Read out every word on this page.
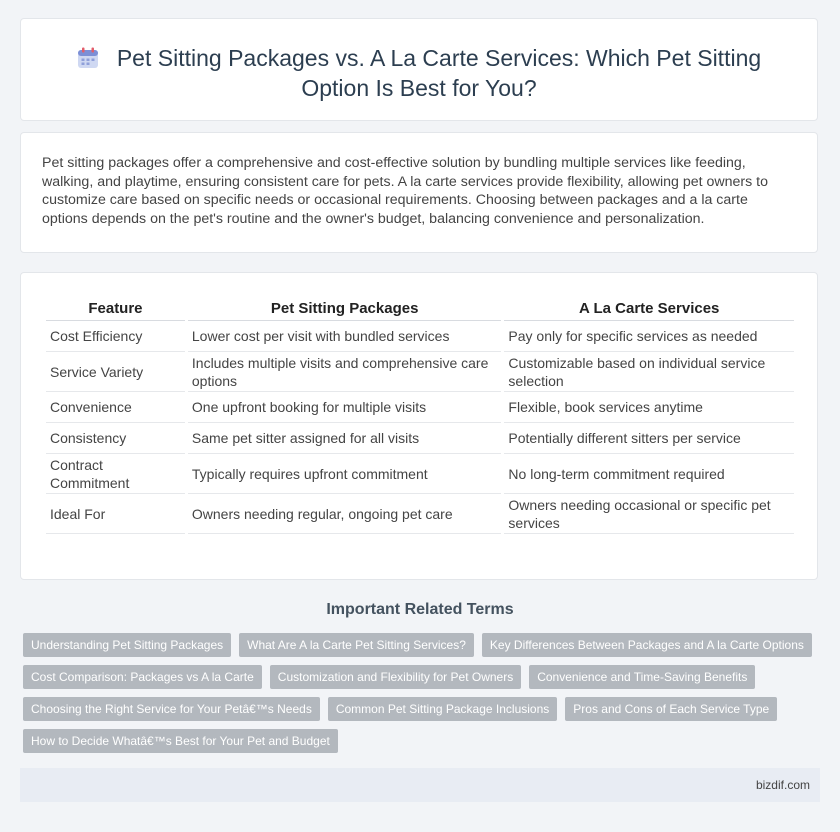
Pet Sitting Packages vs. A La Carte Services: Which Pet Sitting Option Is Best for You?

Pet sitting packages offer a comprehensive and cost-effective solution by bundling multiple services like feeding, walking, and playtime, ensuring consistent care for pets. A la carte services provide flexibility, allowing pet owners to customize care based on specific needs or occasional requirements. Choosing between packages and a la carte options depends on the pet's routine and the owner's budget, balancing convenience and personalization.

Feature	Pet Sitting Packages	A La Carte Services
Cost Efficiency	Lower cost per visit with bundled services	Pay only for specific services as needed
Service Variety	Includes multiple visits and comprehensive care options	Customizable based on individual service selection
Convenience	One upfront booking for multiple visits	Flexible, book services anytime
Consistency	Same pet sitter assigned for all visits	Potentially different sitters per service
Contract Commitment	Typically requires upfront commitment	No long-term commitment required
Ideal For	Owners needing regular, ongoing pet care	Owners needing occasional or specific pet services
Important Related Terms
Understanding Pet Sitting Packages	What Are A la Carte Pet Sitting Services?	Key Differences Between Packages and A la Carte Options
Cost Comparison: Packages vs A la Carte	Customization and Flexibility for Pet Owners	Convenience and Time-Saving Benefits
Choosing the Right Service for Your Petâ€™s Needs	Common Pet Sitting Package Inclusions	Pros and Cons of Each Service Type
How to Decide Whatâ€™s Best for Your Pet and Budget
bizdif.com
